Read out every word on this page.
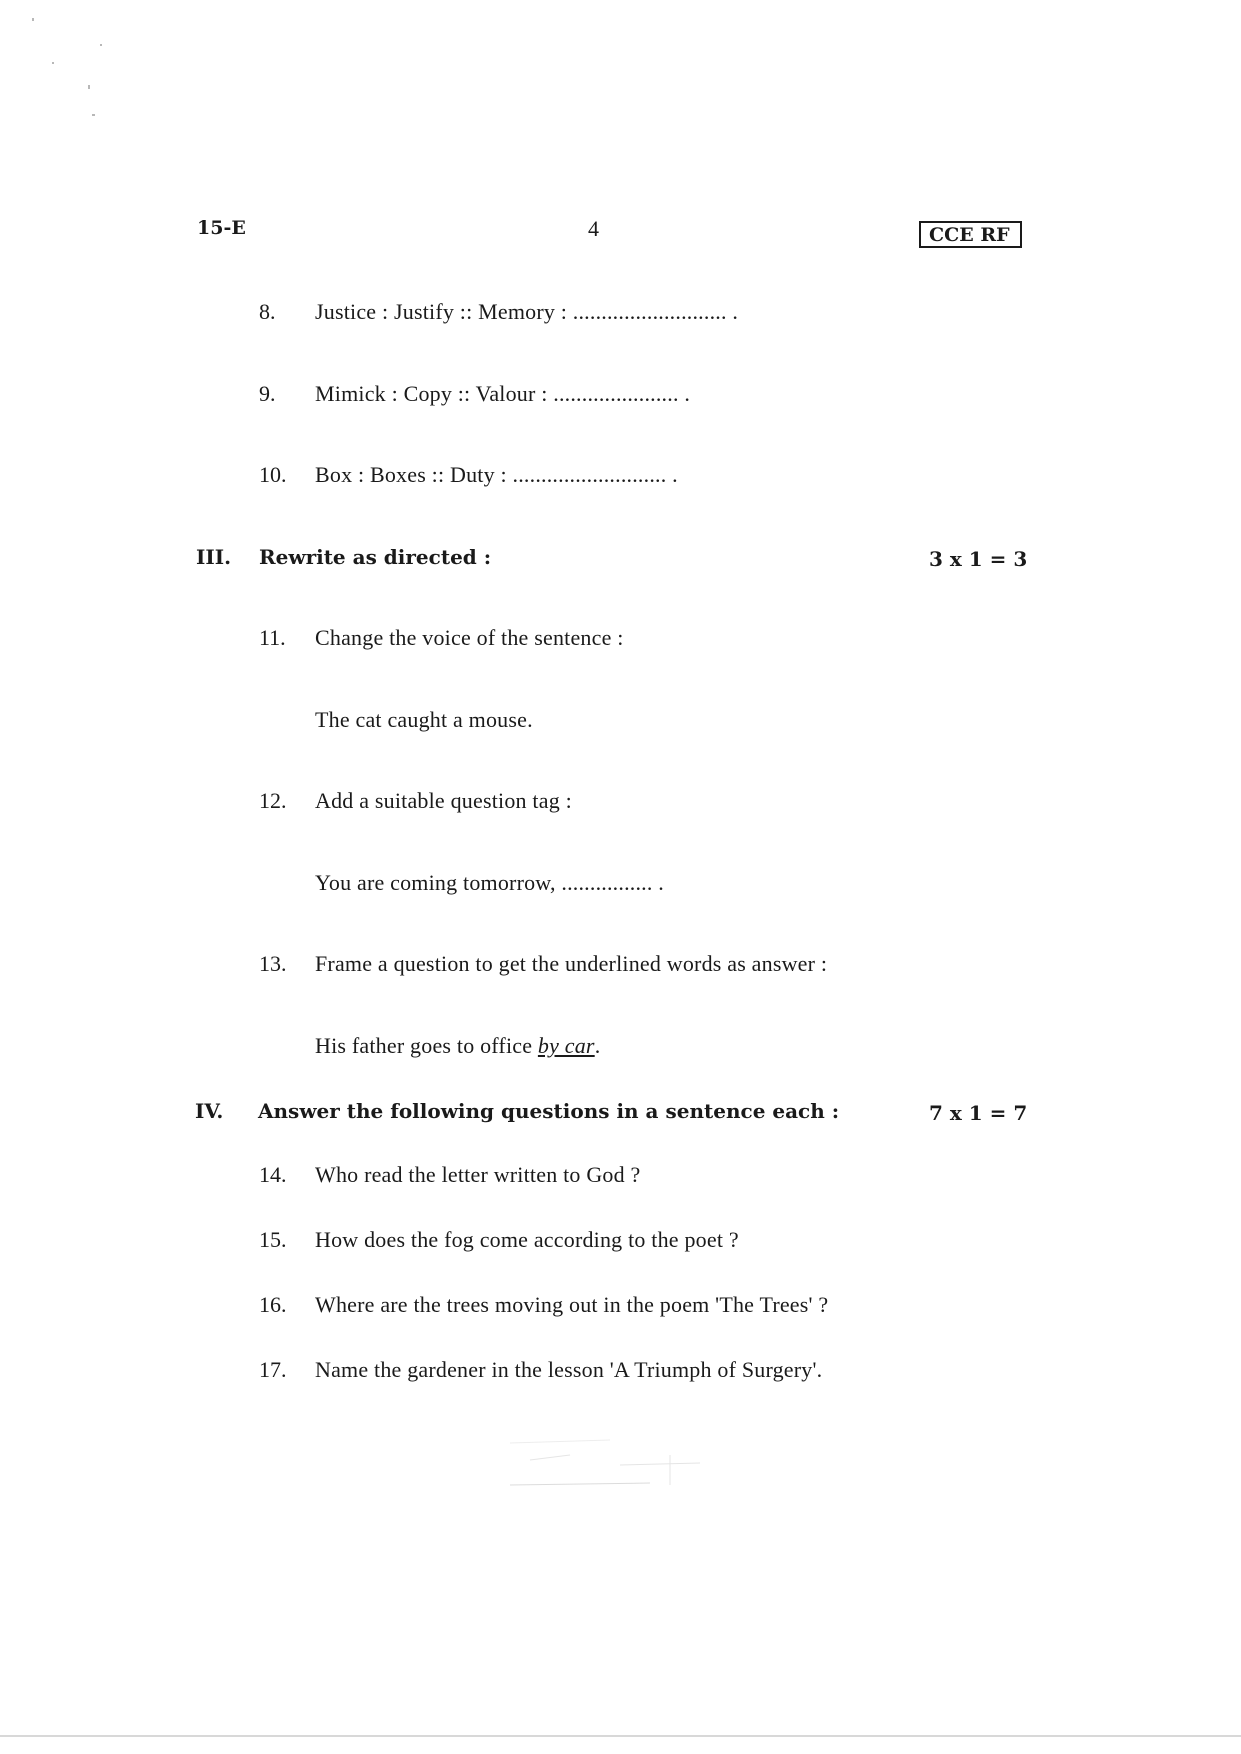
15-E	4	CCE RF
8. Justice : Justify :: Memory : ........................... .
9. Mimick : Copy :: Valour : ...................... .
10. Box : Boxes :: Duty : ........................... .
III. Rewrite as directed :	3 x 1 = 3
11. Change the voice of the sentence :
The cat caught a mouse.
12. Add a suitable question tag :
You are coming tomorrow, ................ .
13. Frame a question to get the underlined words as answer :
His father goes to office by car.
IV. Answer the following questions in a sentence each :	7 x 1 = 7
14. Who read the letter written to God ?
15. How does the fog come according to the poet ?
16. Where are the trees moving out in the poem 'The Trees' ?
17. Name the gardener in the lesson 'A Triumph of Surgery'.
